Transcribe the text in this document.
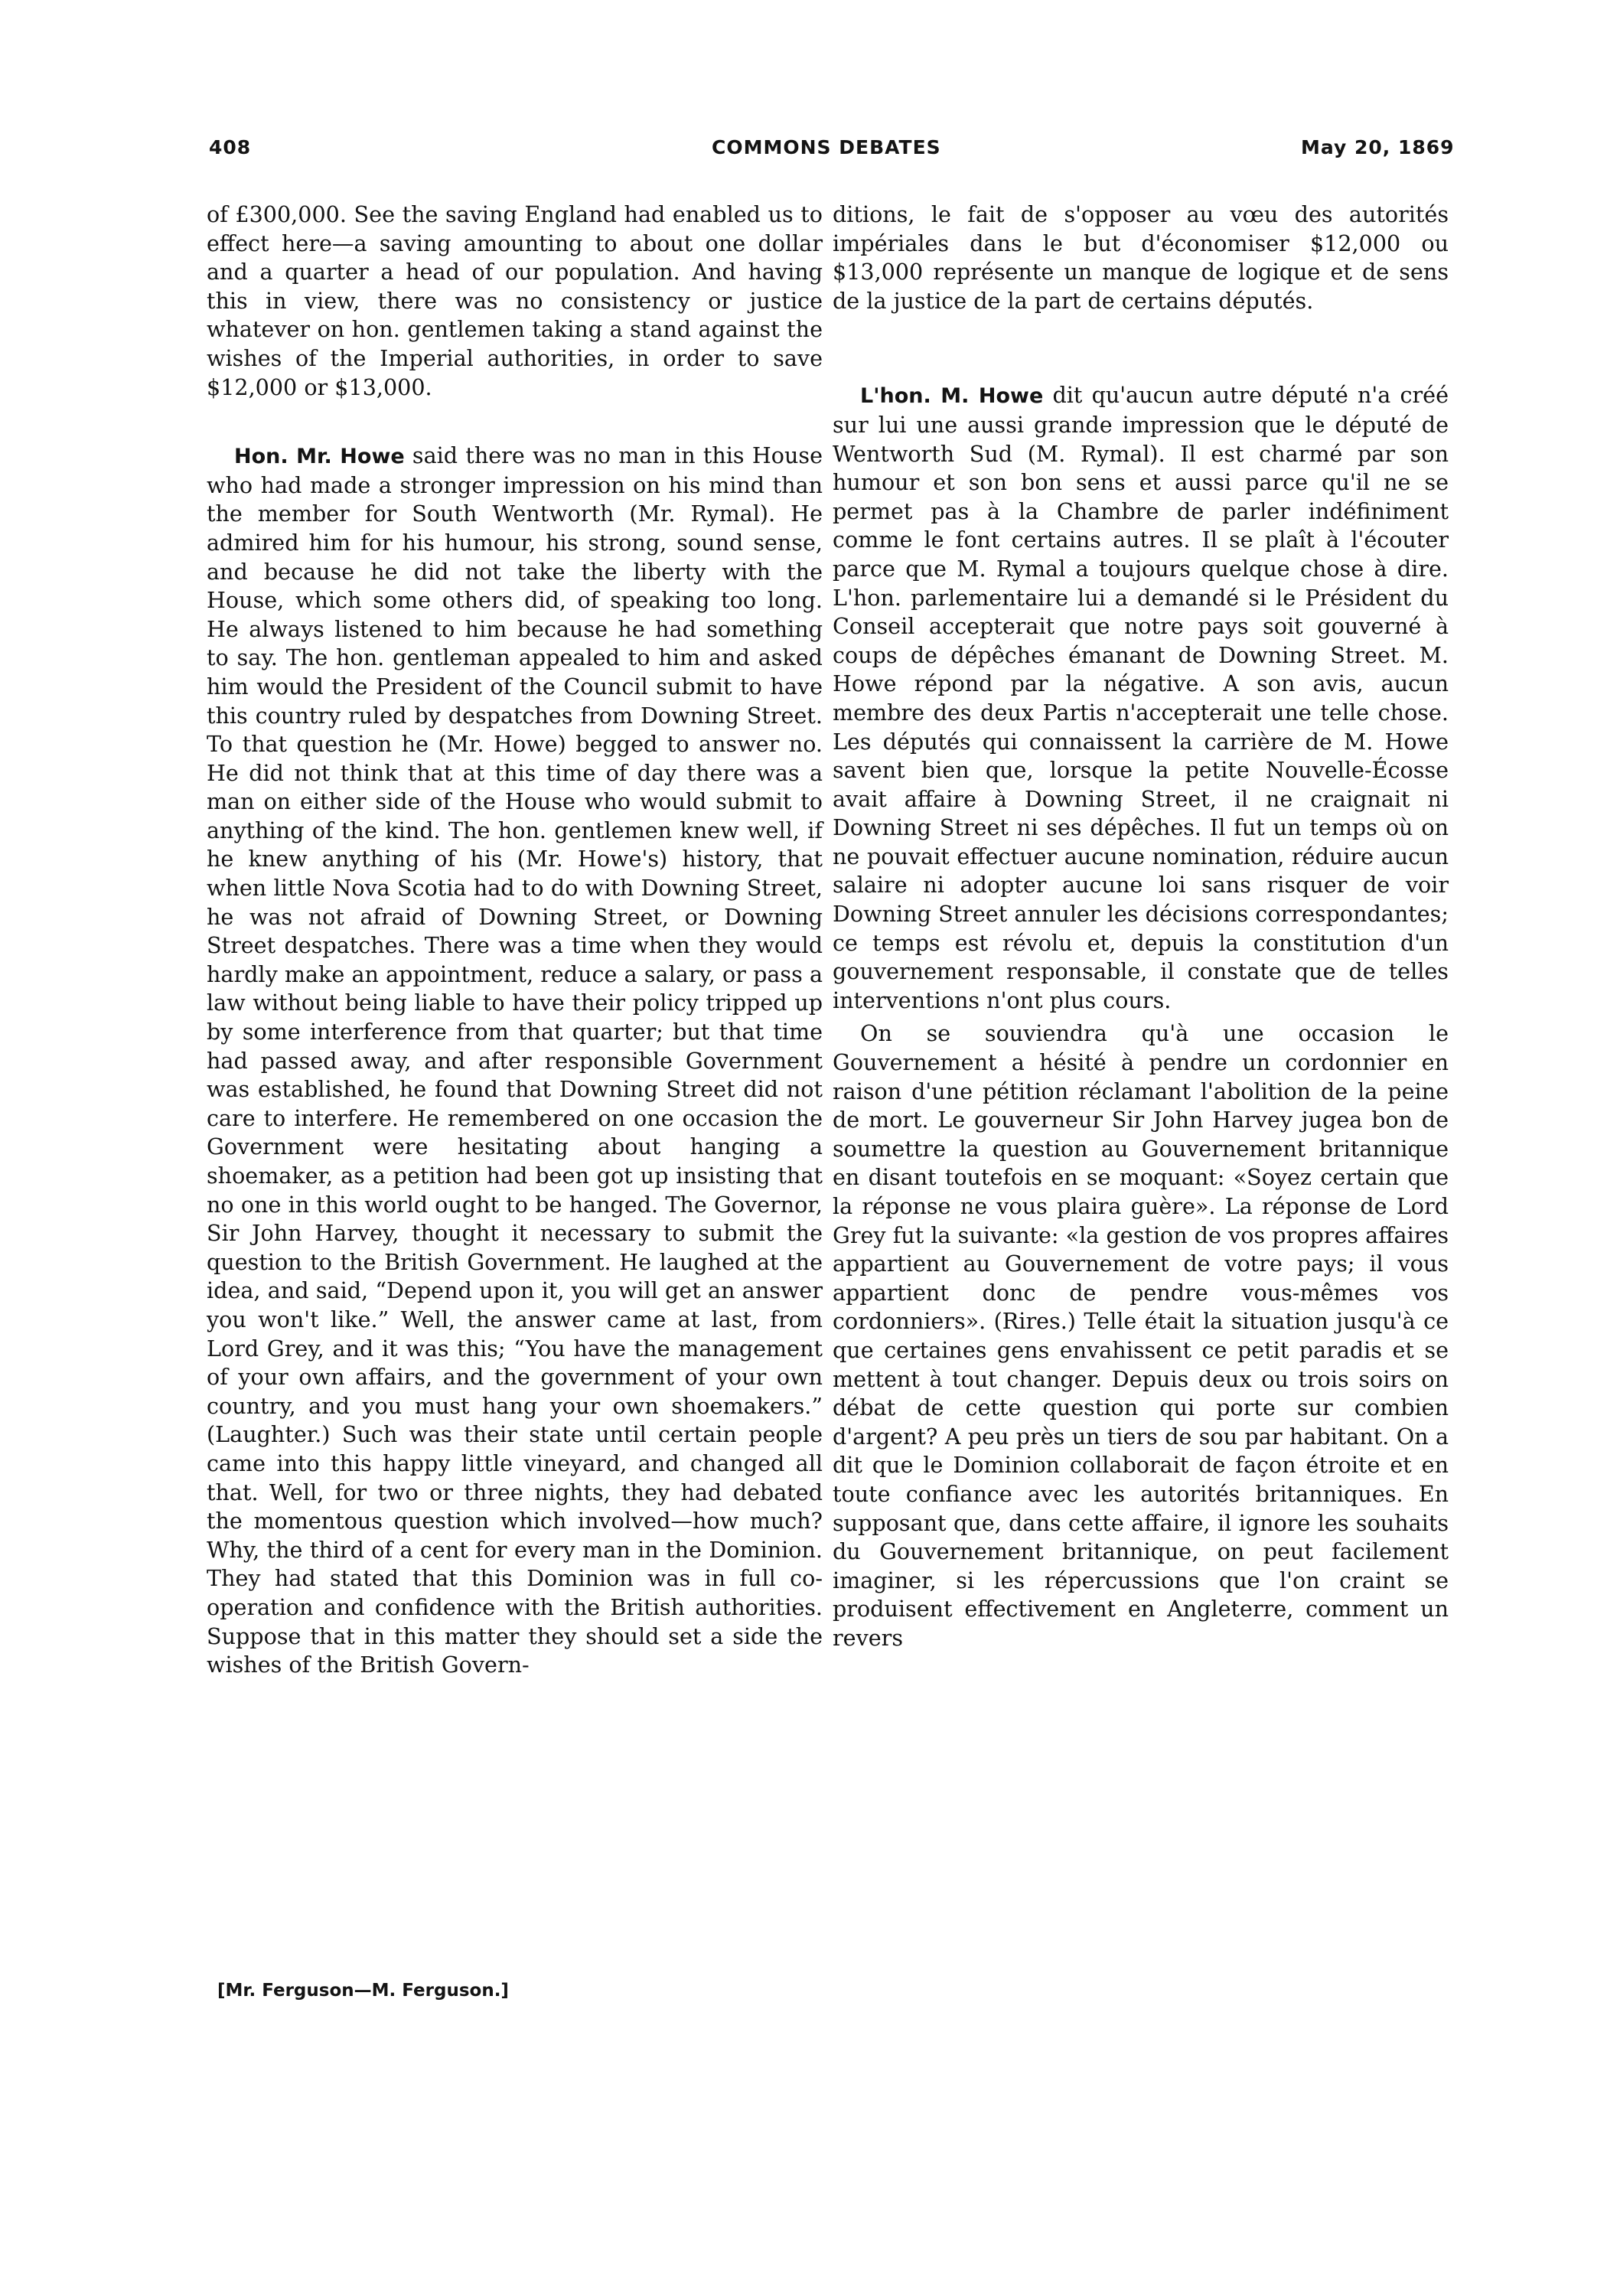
408	COMMONS DEBATES	May 20, 1869

of £300,000. See the saving England had enabled us to effect here—a saving amounting to about one dollar and a quarter a head of our population. And having this in view, there was no consistency or justice whatever on hon. gentlemen taking a stand against the wishes of the Imperial authorities, in order to save $12,000 or $13,000.

Hon. Mr. Howe said there was no man in this House who had made a stronger impression on his mind than the member for South Wentworth (Mr. Rymal). He admired him for his humour, his strong, sound sense, and because he did not take the liberty with the House, which some others did, of speaking too long. He always listened to him because he had something to say. The hon. gentleman appealed to him and asked him would the President of the Council submit to have this country ruled by despatches from Downing Street. To that question he (Mr. Howe) begged to answer no. He did not think that at this time of day there was a man on either side of the House who would submit to anything of the kind. The hon. gentlemen knew well, if he knew anything of his (Mr. Howe's) history, that when little Nova Scotia had to do with Downing Street, he was not afraid of Downing Street, or Downing Street despatches. There was a time when they would hardly make an appointment, reduce a salary, or pass a law without being liable to have their policy tripped up by some interference from that quarter; but that time had passed away, and after responsible Government was established, he found that Downing Street did not care to interfere. He remembered on one occasion the Government were hesitating about hanging a shoemaker, as a petition had been got up insisting that no one in this world ought to be hanged. The Governor, Sir John Harvey, thought it necessary to submit the question to the British Government. He laughed at the idea, and said, “Depend upon it, you will get an answer you won't like.” Well, the answer came at last, from Lord Grey, and it was this; “You have the management of your own affairs, and the government of your own country, and you must hang your own shoemakers.” (Laughter.) Such was their state until certain people came into this happy little vineyard, and changed all that. Well, for two or three nights, they had debated the momentous question which involved—how much? Why, the third of a cent for every man in the Dominion. They had stated that this Dominion was in full co-operation and confidence with the British authorities. Suppose that in this matter they should set a side the wishes of the British Govern-

ditions, le fait de s'opposer au vœu des autorités impériales dans le but d'économiser $12,000 ou $13,000 représente un manque de logique et de sens de la justice de la part de certains députés.

L'hon. M. Howe dit qu'aucun autre député n'a créé sur lui une aussi grande impression que le député de Wentworth Sud (M. Rymal). Il est charmé par son humour et son bon sens et aussi parce qu'il ne se permet pas à la Chambre de parler indéfiniment comme le font certains autres. Il se plaît à l'écouter parce que M. Rymal a toujours quelque chose à dire. L'hon. parlementaire lui a demandé si le Président du Conseil accepterait que notre pays soit gouverné à coups de dépêches émanant de Downing Street. M. Howe répond par la négative. A son avis, aucun membre des deux Partis n'accepterait une telle chose. Les députés qui connaissent la carrière de M. Howe savent bien que, lorsque la petite Nouvelle-Écosse avait affaire à Downing Street, il ne craignait ni Downing Street ni ses dépêches. Il fut un temps où on ne pouvait effectuer aucune nomination, réduire aucun salaire ni adopter aucune loi sans risquer de voir Downing Street annuler les décisions correspondantes; ce temps est révolu et, depuis la constitution d'un gouvernement responsable, il constate que de telles interventions n'ont plus cours.

On se souviendra qu'à une occasion le Gouvernement a hésité à pendre un cordonnier en raison d'une pétition réclamant l'abolition de la peine de mort. Le gouverneur Sir John Harvey jugea bon de soumettre la question au Gouvernement britannique en disant toutefois en se moquant: «Soyez certain que la réponse ne vous plaira guère». La réponse de Lord Grey fut la suivante: «la gestion de vos propres affaires appartient au Gouvernement de votre pays; il vous appartient donc de pendre vous-mêmes vos cordonniers». (Rires.) Telle était la situation jusqu'à ce que certaines gens envahissent ce petit paradis et se mettent à tout changer. Depuis deux ou trois soirs on débat de cette question qui porte sur combien d'argent? A peu près un tiers de sou par habitant. On a dit que le Dominion collaborait de façon étroite et en toute confiance avec les autorités britanniques. En supposant que, dans cette affaire, il ignore les souhaits du Gouvernement britannique, on peut facilement imaginer, si les répercussions que l'on craint se produisent effectivement en Angleterre, comment un revers

[Mr. Ferguson—M. Ferguson.]
